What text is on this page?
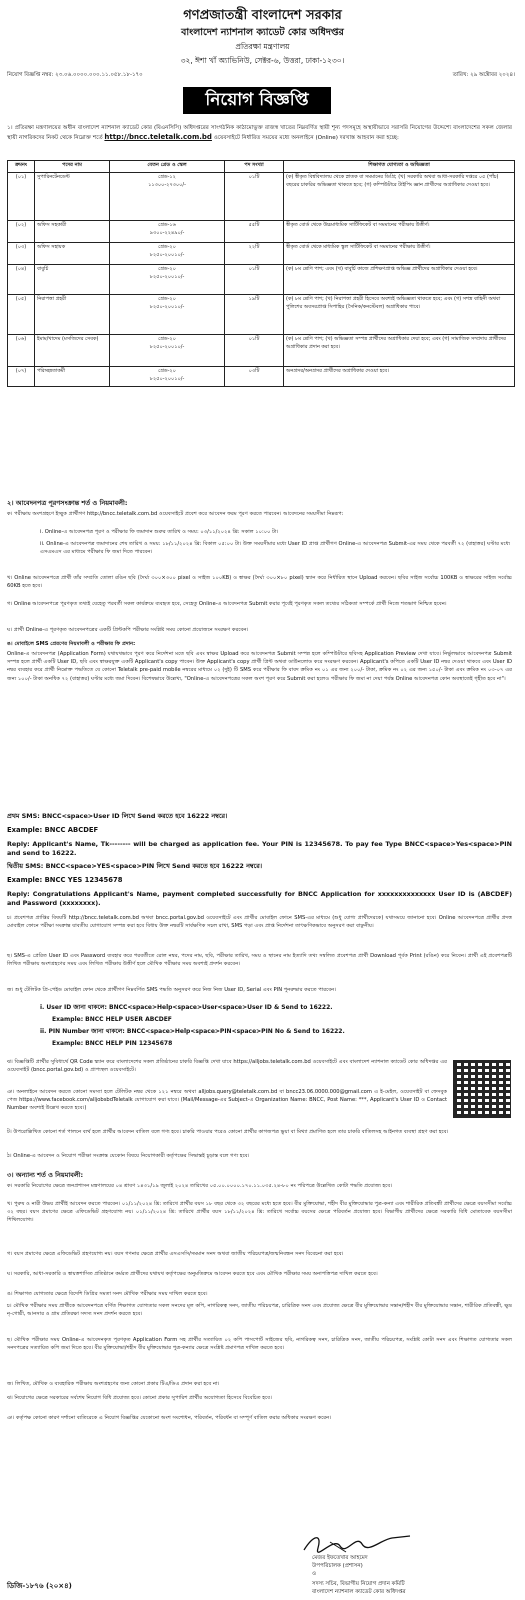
গণপ্রজাতন্ত্রী বাংলাদেশ সরকার
বাংলাদেশ ন্যাশনাল ক্যাডেট কোর অধিদপ্তর
প্রতিরক্ষা মন্ত্রণালয়
৩২, ঈশা খাঁ অ্যাভিনিউ, সেক্টর-৬, উত্তরা, ঢাকা-১২৩০।
নিয়োগ বিজ্ঞপ্তি নম্বর: ২৩.০৬.০০০০.০০০.১১.০৫৮.১৮-১৭০	তারিখ: ২৯ অক্টোবর ২০২৪।
নিয়োগ বিজ্ঞপ্তি
১। প্রতিরক্ষা মন্ত্রণালয়ের অধীন বাংলাদেশ ন্যাশনাল ক্যাডেট কোর (বিএনসিসি) অধিদপ্তরের সাংগঠনিক কাঠামোভুক্ত রাজস্ব খাতের নিম্নবর্ণিত স্থায়ী শূন্য পদসমূহে অস্থায়ীভাবে সরাসরি নিয়োগের উদ্দেশ্যে বাংলাদেশের সকল জেলার স্থায়ী নাগরিকদের নিকট থেকে নিম্নোক্ত শর্তে http://bncc.teletalk.com.bd ওয়েবসাইটে নির্ধারিত সময়ের মধ্যে অনলাইনে (Online) দরখাস্ত আহবান করা হচ্ছে:
ক্রমনং	পদের নাম	বেতন গ্রেড ও স্কেল	পদ সংখ্যা	শিক্ষাগত যোগ্যতা ও অভিজ্ঞতা
(০১)	সুপারিনটেনডেন্ট	গ্রেড-১২
১১৩০০-২৭৩০০/-	০১টি	(ক) স্বীকৃত বিশ্ববিদ্যালয় থেকে স্নাতক বা সমমানের ডিগ্রি; (খ) সরকারি অথবা আধা-সরকারি দপ্তরে ০৫ (পাঁচ) বছরের চাকরির অভিজ্ঞতা থাকতে হবে; (গ) কম্পিউটারে টাইপিং জ্ঞান প্রার্থীদের অগ্রাধিকার দেওয়া হবে।
(০২)	অফিস সহকারী	গ্রেড-১৬
৯৩০০-২২৪৯০/-	৫৫টি	স্বীকৃত বোর্ড থেকে উচ্চমাধ্যমিক সার্টিফিকেট বা সমমানের পরীক্ষায় উত্তীর্ণ।
(০৩)	অফিস সহায়ক	গ্রেড-২০
৮২৫০-২০০১০/-	২২টি	স্বীকৃত বোর্ড থেকে মাধ্যমিক স্কুল সার্টিফিকেট বা সমমানের পরীক্ষায় উত্তীর্ণ।
(০৪)	বাবুর্চি	গ্রেড-২০
৮২৫০-২০০১০/-	০১টি	(ক) ৮ম শ্রেণি পাশ; এবং (খ) বাবুর্চি কাজে প্রশিক্ষণপ্রাপ্ত অভিজ্ঞ প্রার্থীদের অগ্রাধিকার দেওয়া হবে।
(০৫)	নিরাপত্তা প্রহরী	গ্রেড-২০
৮২৫০-২০০১০/-	১৯টি	(ক) ৮ম শ্রেণি পাশ; (খ) নিরাপত্তা প্রহরী হিসেবে অবশ্যই অভিজ্ঞতা থাকতে হবে; এবং (গ) সশস্ত্র বাহিনী অথবা পুলিশের অবসরপ্রাপ্ত সিপাহির (সৈনিক/কনস্টেবল) অগ্রাধিকার পাবে।
(০৬)	ইমাম/খাদেম (মসজিদের সেবক)	গ্রেড-২০
৮২৫০-২০০১০/-	০১টি	(ক) ৮ম শ্রেণি পাশ; (খ) অভিজ্ঞতা সম্পন্ন প্রার্থীদের অগ্রাধিকার দেয়া হবে; এবং (গ) সামাজিক সম্প্রদায় প্রার্থীদের অগ্রাধিকার প্রদান করা হবে।
(০৭)	পরিচ্ছন্নতাকর্মী	গ্রেড-২০
৮২৫০-২০০১০/-	০৩টি	অনগ্রসর/অনগ্রসর প্রার্থীদের অগ্রাধিকার দেওয়া হবে।
২। আবেদনপত্র পূরণসংক্রান্ত শর্ত ও নিয়মাবলী:
ক। পরীক্ষায় অংশগ্রহণে ইচ্ছুক প্রার্থীগণ http://bncc.teletalk.com.bd ওয়েবসাইটে প্রবেশ করে আবেদন ফরম পূরণ করতে পারবেন। আবেদনের সময়সীমা নিম্নরূপ:
i. Online-এ আবেদনপত্র পূরণ ও পরীক্ষার ফি জমাদান শুরুর তারিখ ও সময়: ০৩/১১/২০২৪ খ্রি: সকাল ১০:০০ টা।
ii. Online-এ আবেদনপত্র জমাদানের শেষ তারিখ ও সময়: ১৮/১১/২০২৪ খ্রি: বিকাল ০৫:০০ টা। উক্ত সময়সীমার মধ্যে User ID প্রাপ্ত প্রার্থীগণ Online-এ আবেদনপত্র Submit-এর সময় থেকে পরবর্তী ৭২ (বাহাত্তর) ঘণ্টার মধ্যে এসএমএস এর মাধ্যমে পরীক্ষার ফি জমা দিতে পারবেন।
খ। Online আবেদনপত্রে প্রার্থী তাঁর সম্প্রতি তোলা রঙিন ছবি (দৈর্ঘ্য ৩০০×৩০০ pixel ও সাইজ ১০০KB) ও স্বাক্ষর (দৈর্ঘ্য ৩০০×৮০ pixel) স্ক্যান করে নির্ধারিত স্থানে Upload করবেন। ছবির সাইজ সর্বোচ্চ 100KB ও স্বাক্ষরের সাইজ সর্বোচ্চ 60KB হতে হবে।
গ। Online আবেদনপত্রে পূরণকৃত তথ্যই যেহেতু পরবর্তী সকল কার্যক্রমে ব্যবহৃত হবে, সেহেতু Online-এ আবেদনপত্র Submit করার পূর্বেই পূরণকৃত সকল তথ্যের সঠিকতা সম্পর্কে প্রার্থী নিজে শতভাগ নিশ্চিত হবেন।
ঘ। প্রার্থী Online-এ পূরণকৃত আবেদনপত্রের একটি প্রিন্টকপি পরীক্ষার সংশ্লিষ্ট সময় কোনো প্রয়োজনে সংরক্ষণ করবেন।
ঙ। মোবাইলে SMS প্রেরণের নিয়মাবলী ও পরীক্ষার ফি প্রদান:
Online-এ আবেদনপত্র (Application Form) যথাযথভাবে পূরণ করে নির্দেশনা মতে ছবি এবং স্বাক্ষর Upload করে আবেদনপত্র Submit সম্পন্ন হলে কম্পিউটারে ছবিসহ Application Preview দেখা যাবে। নির্ভুলভাবে আবেদনপত্র Submit সম্পন্ন হলে প্রার্থী একটি User ID, ছবি এবং স্বাক্ষরযুক্ত একটি Applicant's copy পাবেন। উক্ত Applicant's copy প্রার্থী প্রিন্ট অথবা ডাউনলোড করে সংরক্ষণ করবেন। Applicant's কপিতে একটি User ID নম্বর দেওয়া থাকবে এবং User ID নম্বর ব্যবহার করে প্রার্থী নিম্নোক্ত পদ্ধতিতে যে কোনো Teletalk pre-paid mobile নম্বরের মাধ্যমে ০২ (দুই) টি SMS করে পরীক্ষার ফি বাবদ ক্রমিক নং ০১ এর জন্য ২০০/- টাকা, ক্রমিক নং ০২ এর জন্য ১৫০/- টাকা এবং ক্রমিক নং ০৩-০৭ এর জন্য ১০০/- টাকা অনধিক ৭২ (বাহাত্তর) ঘণ্টার মধ্যে জমা দিবেন। বিশেষভাবে উল্লেখ্য, "Online-এ আবেদনপত্রের সকল অংশ পূরণ করে Submit করা হলেও পরীক্ষার ফি জমা না দেয়া পর্যন্ত Online আবেদনপত্র কোন অবস্থাতেই গৃহীত হবে না"।
প্রথম SMS: BNCC<space>User ID লিখে Send করতে হবে 16222 নম্বরে।
Example: BNCC ABCDEF
Reply: Applicant's Name, Tk-------- will be charged as application fee. Your PIN is 12345678. To pay fee Type BNCC<space>Yes<space>PIN and send to 16222.
দ্বিতীয় SMS: BNCC<space>YES<space>PIN লিখে Send করতে হবে 16222 নম্বরে।
Example: BNCC YES 12345678
Reply: Congratulations Applicant's Name, payment completed successfully for BNCC Application for xxxxxxxxxxxxxx User ID is (ABCDEF) and Password (xxxxxxxx).
চ। প্রবেশপত্র প্রাপ্তির বিষয়টি http://bncc.teletalk.com.bd অথবা bncc.portal.gov.bd ওয়েবসাইটে এবং প্রার্থীর মোবাইল ফোনে SMS-এর মাধ্যমে (শুধু যোগ্য প্রার্থীদেরকে) যথাসময়ে জানানো হবে। Online আবেদনপত্রে প্রার্থীর প্রদত্ত মোবাইল ফোনে পরীক্ষা সংক্রান্ত যাবতীয় যোগাযোগ সম্পন্ন করা হবে বিধায় উক্ত নম্বরটি সার্বক্ষণিক সচল রাখা, SMS পড়া এবং প্রাপ্ত নির্দেশনা তাৎক্ষণিকভাবে অনুসরণ করা বাঞ্ছনীয়।
ছ। SMS-এ প্রেরিত User ID এবং Password ব্যবহার করে পরবর্তীতে রোল নম্বর, পদের নাম, ছবি, পরীক্ষার তারিখ, সময় ও স্থানের নাম ইত্যাদি তথ্য সম্বলিত প্রবেশপত্র প্রার্থী Download পূর্বক Print (রঙিন) করে নিবেন। প্রার্থী এই প্রবেশপত্রটি লিখিত পরীক্ষায় অংশগ্রহণের সময় এবং লিখিত পরীক্ষায় উত্তীর্ণ হলে মৌখিক পরীক্ষার সময় অবশ্যই প্রদর্শন করবেন।
জ। শুধু টেলিটক প্রি-পেইড মোবাইল ফোন থেকে প্রার্থীগণ নিম্নবর্ণিত SMS পদ্ধতি অনুসরণ করে নিজ নিজ User ID, Serial এবং PIN পুনরুদ্ধার করতে পারবেন।
i. User ID জানা থাকলে: BNCC<space>Help<space>User<space>User ID & Send to 16222.
Example: BNCC HELP USER ABCDEF
ii. PIN Number জানা থাকলে: BNCC<space>Help<space>PIN<space>PIN No & Send to 16222.
Example: BNCC HELP PIN 12345678
ঝ। বিজ্ঞপ্তিটি প্রার্থীর সুবিধার্থে QR Code স্ক্যান করে বাংলাদেশের সকল প্রতিষ্ঠানের চাকরি বিজ্ঞপ্তি দেখা যাবে https://alljobs.teletalk.com.bd ওয়েবসাইটে এবং বাংলাদেশ ন্যাশনাল ক্যাডেট কোর অধিদপ্তর এর ওয়েবসাইট (bncc.portal.gov.bd) ও প্রাপ্যস্থল ওয়েবসাইটে।
ঞ। অনলাইনে আবেদন করতে কোনো সমস্যা হলে টেলিটক নম্বর থেকে ১২১ নম্বরে অথবা alljobs.query@teletalk.com.bd বা bncc23.06.0000.000@gmail.com এ ই-মেইল, ওয়েবসাইট বা ফেসবুক পেজ https://www.facebook.com/alljobsbdTeletalk যোগাযোগ করা যাবে। (Mail/Message-এর Subject-এ Organization Name: BNCC, Post Name: ***, Applicant's User ID ও Contact Number অবশ্যই উল্লেখ করতে হবে।)
ট। উপরোল্লিখিত কোনো শর্ত পালনে ব্যর্থ হলে প্রার্থীর আবেদন বাতিল বলে গণ্য হবে। চাকরি পাওয়ার পরেও কোনো প্রার্থীর কাগজপত্র ভুয়া বা মিথ্যা প্রমাণিত হলে তার চাকরি বাতিলসহ আইনগত ব্যবস্থা গ্রহণ করা হবে।
ঠ। Online-এ আবেদন ও নিয়োগ পরীক্ষা সংক্রান্ত যেকোন বিষয়ে নিয়োগকারী কর্তৃপক্ষের সিদ্ধান্তই চূড়ান্ত বলে গণ্য হবে।
৩। অন্যান্য শর্ত ও নিয়মাবলী:
ক। সরকারি নিয়োগের ক্ষেত্রে জনপ্রশাসন মন্ত্রণালয়ের ০৪ শ্রাবণ ১৪৩১/১৯ জুলাই ২০২৪ তারিখের ০৫.০০.০০০০.১৭০.১১.০৩৫.২৪-৮০ নং পরিপত্রে উল্লেখিত কোটা পদ্ধতি প্রযোজ্য হবে।
খ। পুরুষ ও নারী উভয় প্রার্থীই আবেদন করতে পারবেন। ০১/১১/২০২৪ খ্রি: তারিখে প্রার্থীর বয়স ১৮ বছর থেকে ৩২ বছরের মধ্যে হতে হবে। বীর মুক্তিযোদ্ধা, শহীদ বীর মুক্তিযোদ্ধার পুত্র-কন্যা এবং শারীরিক প্রতিবন্ধী প্রার্থীদের ক্ষেত্রে বয়সসীমা সর্বোচ্চ ৩২ বছর। বয়স প্রমাণের ক্ষেত্রে এফিডেভিট গ্রহণযোগ্য নয়। ০১/১১/২০২৪ খ্রি: তারিখে প্রার্থীর বয়স ১৮/১১/২০২৪ খ্রি: তারিখে সর্বোচ্চ বয়সের ক্ষেত্রে পরিবর্তন প্রযোজ্য হবে। বিভাগীয় প্রার্থীদের ক্ষেত্রে সরকারি বিধি মোতাবেক বয়সসীমা শিথিলযোগ্য।
গ। বয়স প্রমাণের ক্ষেত্রে এফিডেভিট গ্রহণযোগ্য নয়। বয়স গণনার ক্ষেত্রে প্রার্থীর এসএসসি/সমমান সনদ অথবা জাতীয় পরিচয়পত্র/জন্মনিবন্ধন সনদ বিবেচনা করা হবে।
ঘ। সরকারি, আধা-সরকারি ও স্বায়ত্তশাসিত প্রতিষ্ঠানে কর্মরত প্রার্থীদের যথাযথ কর্তৃপক্ষের অনুমতিক্রমে আবেদন করতে হবে এবং মৌখিক পরীক্ষার সময় অনাপত্তিপত্র দাখিল করতে হবে।
ঙ। শিক্ষাগত যোগ্যতার ক্ষেত্রে বিদেশি ডিগ্রির সমতা সনদ মৌখিক পরীক্ষার সময় দাখিল করতে হবে।
চ। মৌখিক পরীক্ষার সময় প্রার্থীকে আবেদনপত্রে বর্ণিত শিক্ষাগত যোগ্যতার সকল সনদের মূল কপি, নাগরিকত্ব সনদ, জাতীয় পরিচয়পত্র, চারিত্রিক সনদ এবং প্রযোজ্য ক্ষেত্রে বীর মুক্তিযোদ্ধার সন্তান/শহীদ বীর মুক্তিযোদ্ধার সন্তান, শারীরিক প্রতিবন্ধী, ক্ষুদ্র নৃ-গোষ্ঠী, আনসার ও গ্রাম প্রতিরক্ষা সদস্য সনদ প্রদর্শন করতে হবে।
ছ। মৌখিক পরীক্ষার সময় Online-এ আবেদনকৃত পূরণকৃত Application Form সহ প্রার্থীর সত্যায়িত ০২ কপি পাসপোর্ট সাইজের ছবি, নাগরিকত্ব সনদ, চারিত্রিক সনদ, জাতীয় পরিচয়পত্র, সংশ্লিষ্ট কোটা সনদ এবং শিক্ষাগত যোগ্যতার সকল সনদপত্রের সত্যায়িত কপি জমা দিতে হবে। বীর মুক্তিযোদ্ধা/শহীদ বীর মুক্তিযোদ্ধার পুত্র-কন্যার ক্ষেত্রে সংশ্লিষ্ট প্রমাণপত্র দাখিল করতে হবে।
জ। লিখিত, মৌখিক ও ব্যবহারিক পরীক্ষায় অংশগ্রহণের জন্য কোনো প্রকার টিএ/ডিএ প্রদান করা হবে না।
ঝ। নিয়োগের ক্ষেত্রে সরকারের সর্বশেষ নিয়োগ বিধি প্রযোজ্য হবে। কোনো প্রকার সুপারিশ প্রার্থীর অযোগ্যতা হিসেবে বিবেচিত হবে।
ঞ। কর্তৃপক্ষ কোনো কারণ দর্শানো ব্যতিরেকে এ নিয়োগ বিজ্ঞপ্তির যেকোনো অংশ সংশোধন, পরিবর্তন, পরিবর্ধন বা সম্পূর্ণ বাতিল করার অধিকার সংরক্ষণ করেন।
মেজর ইফতেখার আহমেদ
উপপরিচালক (প্রশাসন)
ও
সদস্য সচিব, বিভাগীয় নিয়োগ প্রদান কমিটি
বাংলাদেশ ন্যাশনাল ক্যাডেট কোর অধিদপ্তর
ডিজি-১৮৭৬ (২০×৪)
